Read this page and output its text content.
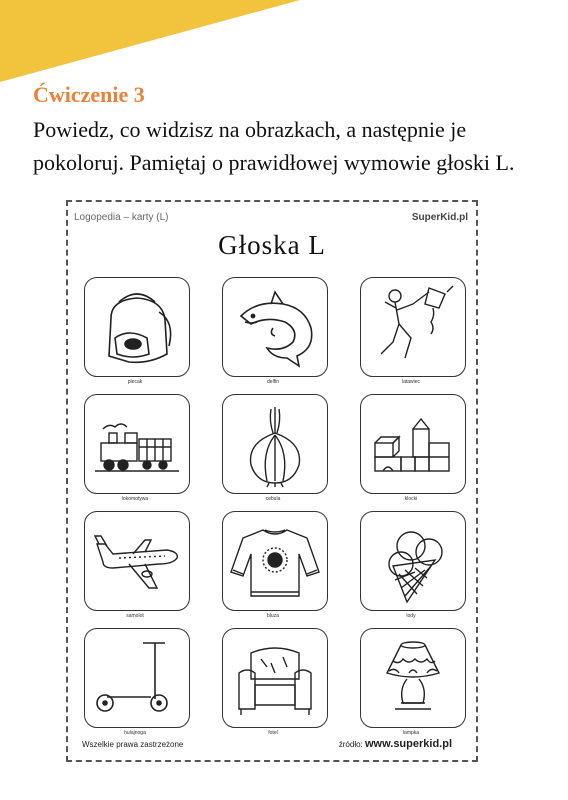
Ćwiczenie 3
Powiedz, co widzisz na obrazkach, a następnie je pokoloruj. Pamiętaj o prawidłowej wymowie głoski L.
Logopedia – karty (L)	SuperKid.pl
Głoska L
plecak	delfin	latawiec
lokomotywa	cebula	klocki
samolot	bluza	lody
hulajnoga	fotel	lampka
Wszelkie prawa zastrzeżone	źródło: www.superkid.pl
